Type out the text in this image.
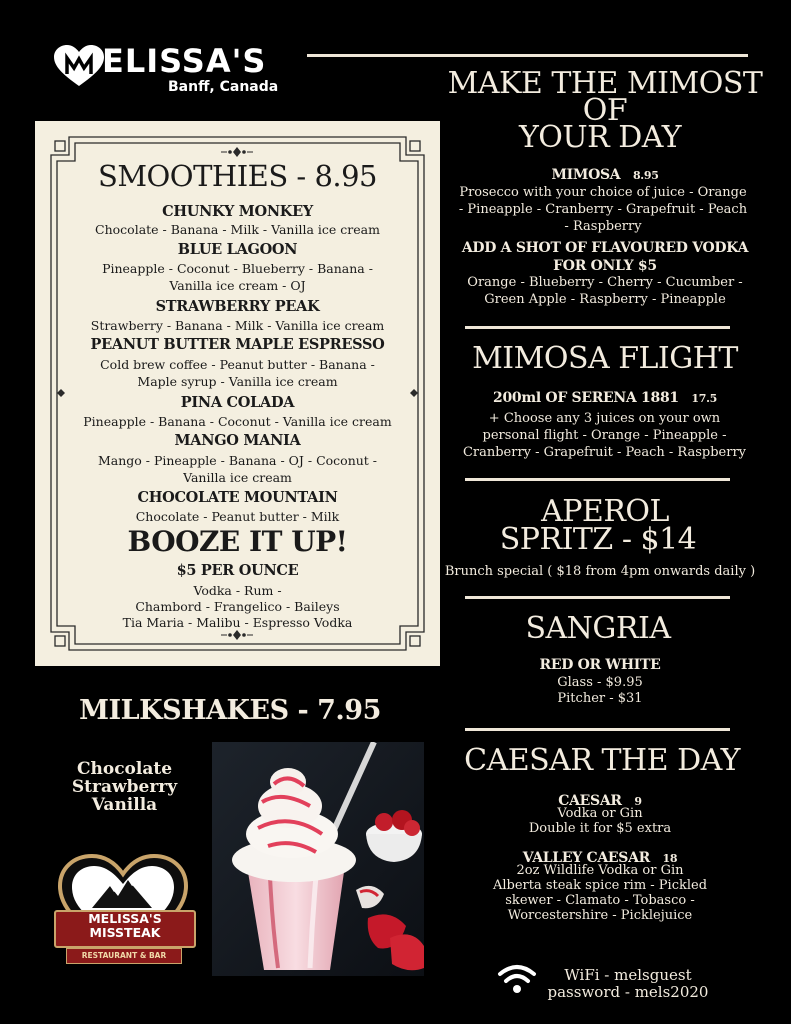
ELISSA'S
Banff, Canada
SMOOTHIES - 8.95
CHUNKY MONKEY
Chocolate - Banana - Milk - Vanilla ice cream
BLUE LAGOON
Pineapple - Coconut - Blueberry - Banana - Vanilla ice cream - OJ
STRAWBERRY PEAK
Strawberry - Banana - Milk - Vanilla ice cream
PEANUT BUTTER MAPLE ESPRESSO
Cold brew coffee - Peanut butter - Banana - Maple syrup - Vanilla ice cream
PINA COLADA
Pineapple - Banana - Coconut - Vanilla ice cream
MANGO MANIA
Mango - Pineapple - Banana - OJ - Coconut - Vanilla ice cream
CHOCOLATE MOUNTAIN
Chocolate - Peanut butter - Milk
BOOZE IT UP!
$5 PER OUNCE
Vodka - Rum -
Chambord - Frangelico - Baileys
Tia Maria - Malibu - Espresso Vodka
MILKSHAKES - 7.95
Chocolate
Strawberry
Vanilla
MELISSA'S
MISSTEAK
RESTAURANT & BAR
MAKE THE MIMOST
OF
YOUR DAY
MIMOSA 8.95
Prosecco with your choice of juice - Orange - Pineapple - Cranberry - Grapefruit - Peach - Raspberry
ADD A SHOT OF FLAVOURED VODKA
FOR ONLY $5
Orange - Blueberry - Cherry - Cucumber - Green Apple - Raspberry - Pineapple
MIMOSA FLIGHT
200ml OF SERENA 1881 17.5
+ Choose any 3 juices on your own personal flight - Orange - Pineapple - Cranberry - Grapefruit - Peach - Raspberry
APEROL
SPRITZ - $14
Brunch special ( $18 from 4pm onwards daily )
SANGRIA
RED OR WHITE
Glass - $9.95
Pitcher - $31
CAESAR THE DAY
CAESAR 9
Vodka or Gin
Double it for $5 extra
VALLEY CAESAR 18
2oz Wildlife Vodka or Gin
Alberta steak spice rim - Pickled
skewer - Clamato - Tobasco -
Worcestershire - Picklejuice
WiFi - melsguest
password - mels2020
